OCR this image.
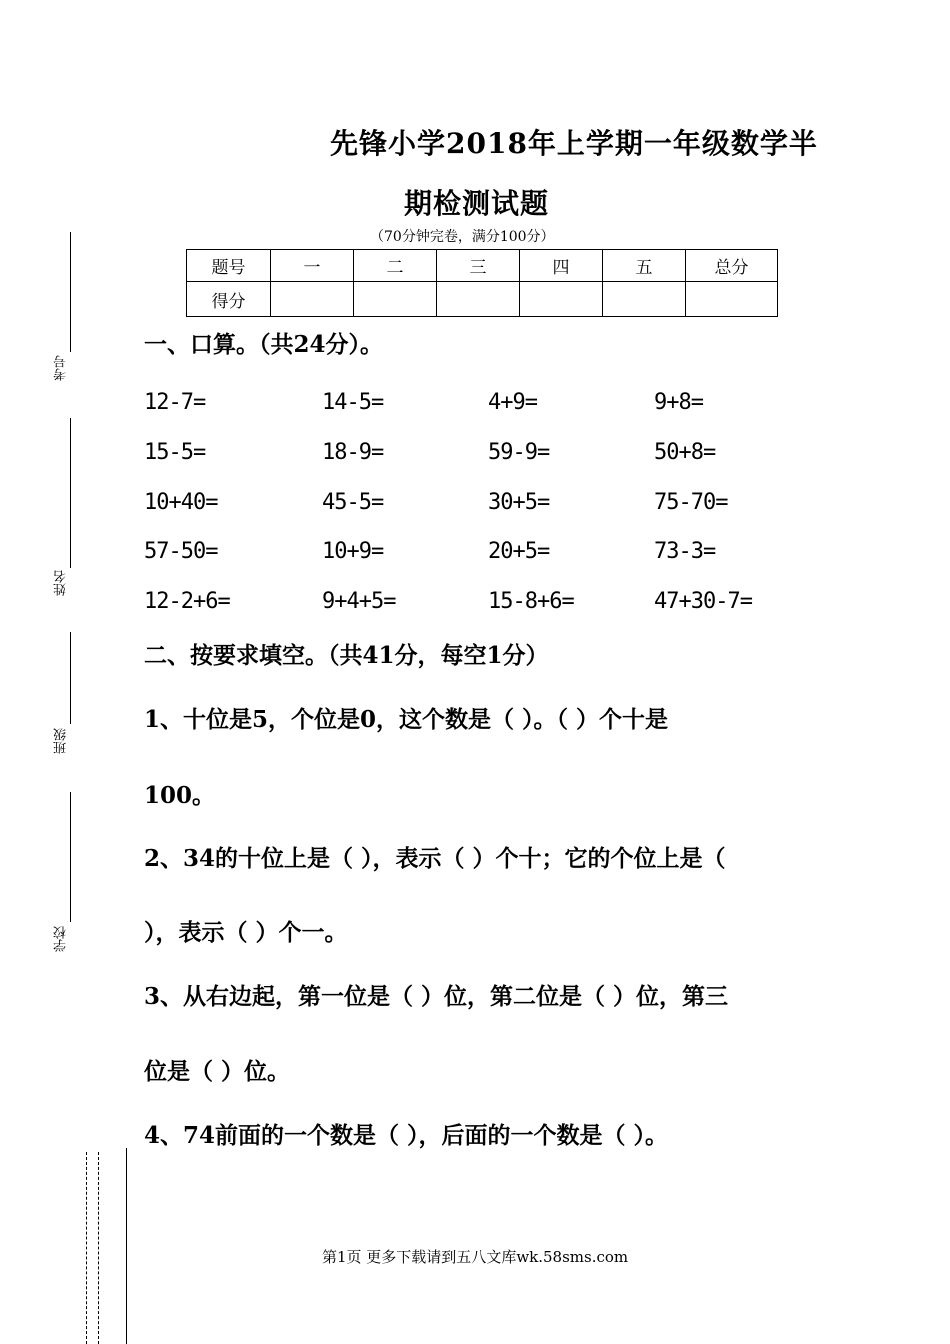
考号
姓名
班级
学校
先锋小学2018年上学期一年级数学半
期检测试题
（70分钟完卷，满分100分）
题号	一	二	三	四	五	总分
得分						
一、口算。（共24分）。
12-7=	14-5=	4+9=	9+8=
15-5=	18-9=	59-9=	50+8=
10+40=	45-5=	30+5=	75-70=
57-50=	10+9=	20+5=	73-3=
12-2+6=	9+4+5=	15-8+6=	47+30-7=
二、按要求填空。（共41分，每空1分）
1、十位是5，个位是0，这个数是（ ）。（ ）个十是
100。
2、34的十位上是（ ），表示（ ）个十；它的个位上是（
），表示（ ）个一。
3、从右边起，第一位是（ ）位，第二位是（ ）位，第三
位是（ ）位。
4、74前面的一个数是（ ），后面的一个数是（ ）。
第1页 更多下载请到五八文库wk.58sms.com
